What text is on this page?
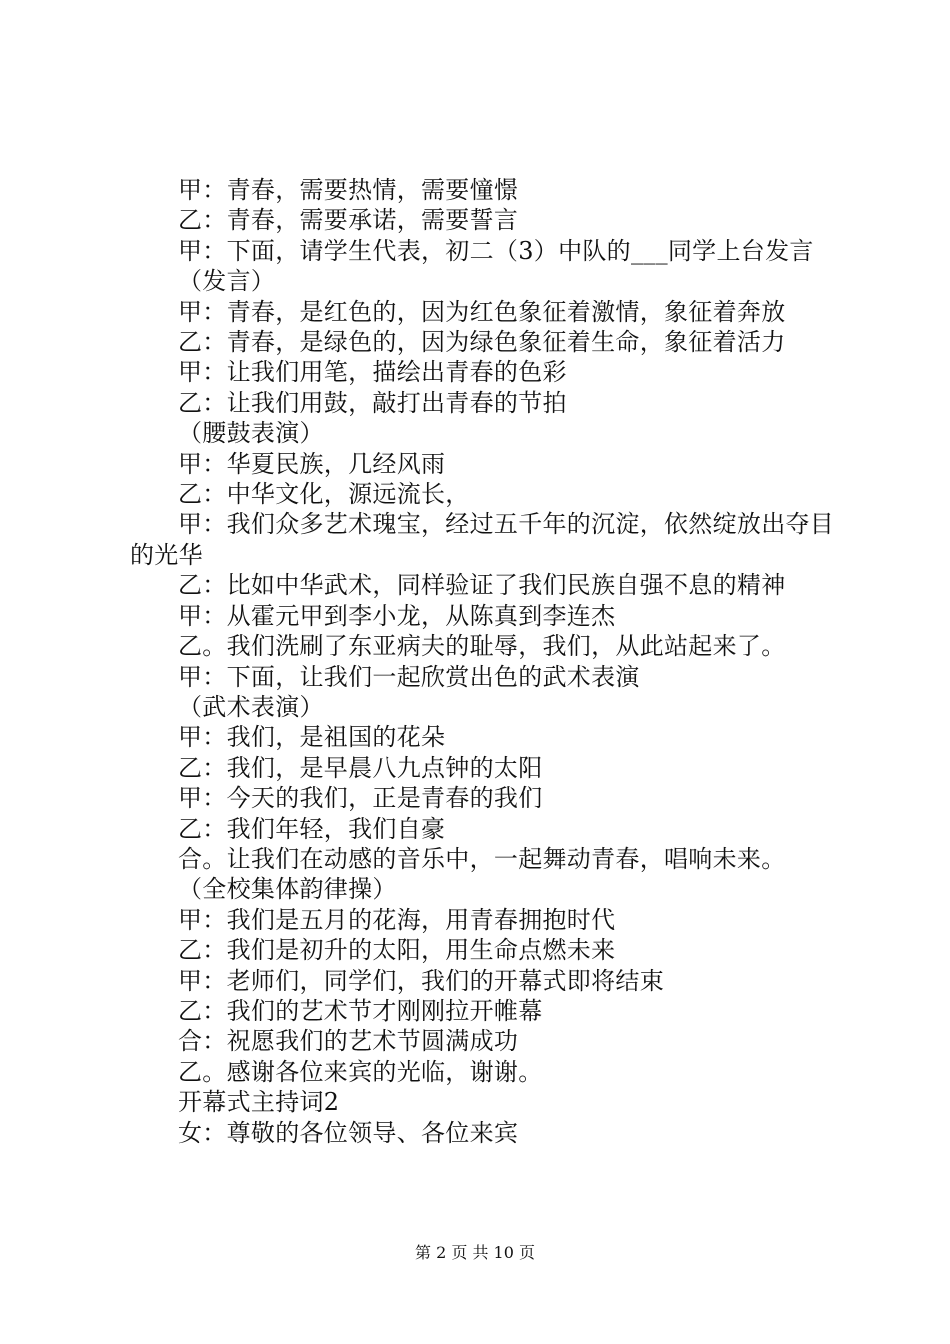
甲：青春，需要热情，需要憧憬

乙：青春，需要承诺，需要誓言

甲：下面，请学生代表，初二（3）中队的___同学上台发言

（发言）

甲：青春，是红色的，因为红色象征着激情，象征着奔放

乙：青春，是绿色的，因为绿色象征着生命，象征着活力

甲：让我们用笔，描绘出青春的色彩

乙：让我们用鼓，敲打出青春的节拍

（腰鼓表演）

甲：华夏民族，几经风雨

乙：中华文化，源远流长，

甲：我们众多艺术瑰宝，经过五千年的沉淀，依然绽放出夺目的光华

乙：比如中华武术，同样验证了我们民族自强不息的精神

甲：从霍元甲到李小龙，从陈真到李连杰

乙。我们洗刷了东亚病夫的耻辱，我们，从此站起来了。

甲：下面，让我们一起欣赏出色的武术表演

（武术表演）

甲：我们，是祖国的花朵

乙：我们，是早晨八九点钟的太阳

甲：今天的我们，正是青春的我们

乙：我们年轻，我们自豪

合。让我们在动感的音乐中，一起舞动青春，唱响未来。

（全校集体韵律操）

甲：我们是五月的花海，用青春拥抱时代

乙：我们是初升的太阳，用生命点燃未来

甲：老师们，同学们，我们的开幕式即将结束

乙：我们的艺术节才刚刚拉开帷幕

合：祝愿我们的艺术节圆满成功

乙。感谢各位来宾的光临，谢谢。

开幕式主持词2

女：尊敬的各位领导、各位来宾

第 2 页 共 10 页
